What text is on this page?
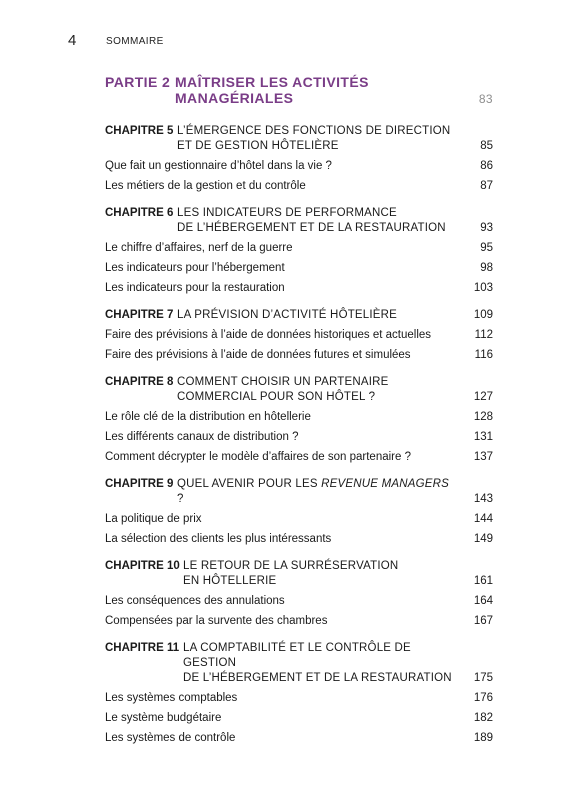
4	SOMMAIRE
PARTIE 2 MAÎTRISER LES ACTIVITÉS MANAGÉRIALES	83
CHAPITRE 5 L’ÉMERGENCE DES FONCTIONS DE DIRECTION
ET DE GESTION HÔTELIÈRE	85
Que fait un gestionnaire d’hôtel dans la vie ?	86
Les métiers de la gestion et du contrôle	87
CHAPITRE 6 LES INDICATEURS DE PERFORMANCE
DE L’HÉBERGEMENT ET DE LA RESTAURATION	93
Le chiffre d’affaires, nerf de la guerre	95
Les indicateurs pour l’hébergement	98
Les indicateurs pour la restauration	103
CHAPITRE 7 LA PRÉVISION D’ACTIVITÉ HÔTELIÈRE	109
Faire des prévisions à l’aide de données historiques et actuelles	112
Faire des prévisions à l’aide de données futures et simulées	116
CHAPITRE 8 COMMENT CHOISIR UN PARTENAIRE
COMMERCIAL POUR SON HÔTEL ?	127
Le rôle clé de la distribution en hôtellerie	128
Les différents canaux de distribution ?	131
Comment décrypter le modèle d’affaires de son partenaire ?	137
CHAPITRE 9 QUEL AVENIR POUR LES REVENUE MANAGERS ?	143
La politique de prix	144
La sélection des clients les plus intéressants	149
CHAPITRE 10 LE RETOUR DE LA SURRÉSERVATION
EN HÔTELLERIE	161
Les conséquences des annulations	164
Compensées par la survente des chambres	167
CHAPITRE 11 LA COMPTABILITÉ ET LE CONTRÔLE DE GESTION
DE L’HÉBERGEMENT ET DE LA RESTAURATION 175
Les systèmes comptables	176
Le système budgétaire	182
Les systèmes de contrôle	189
